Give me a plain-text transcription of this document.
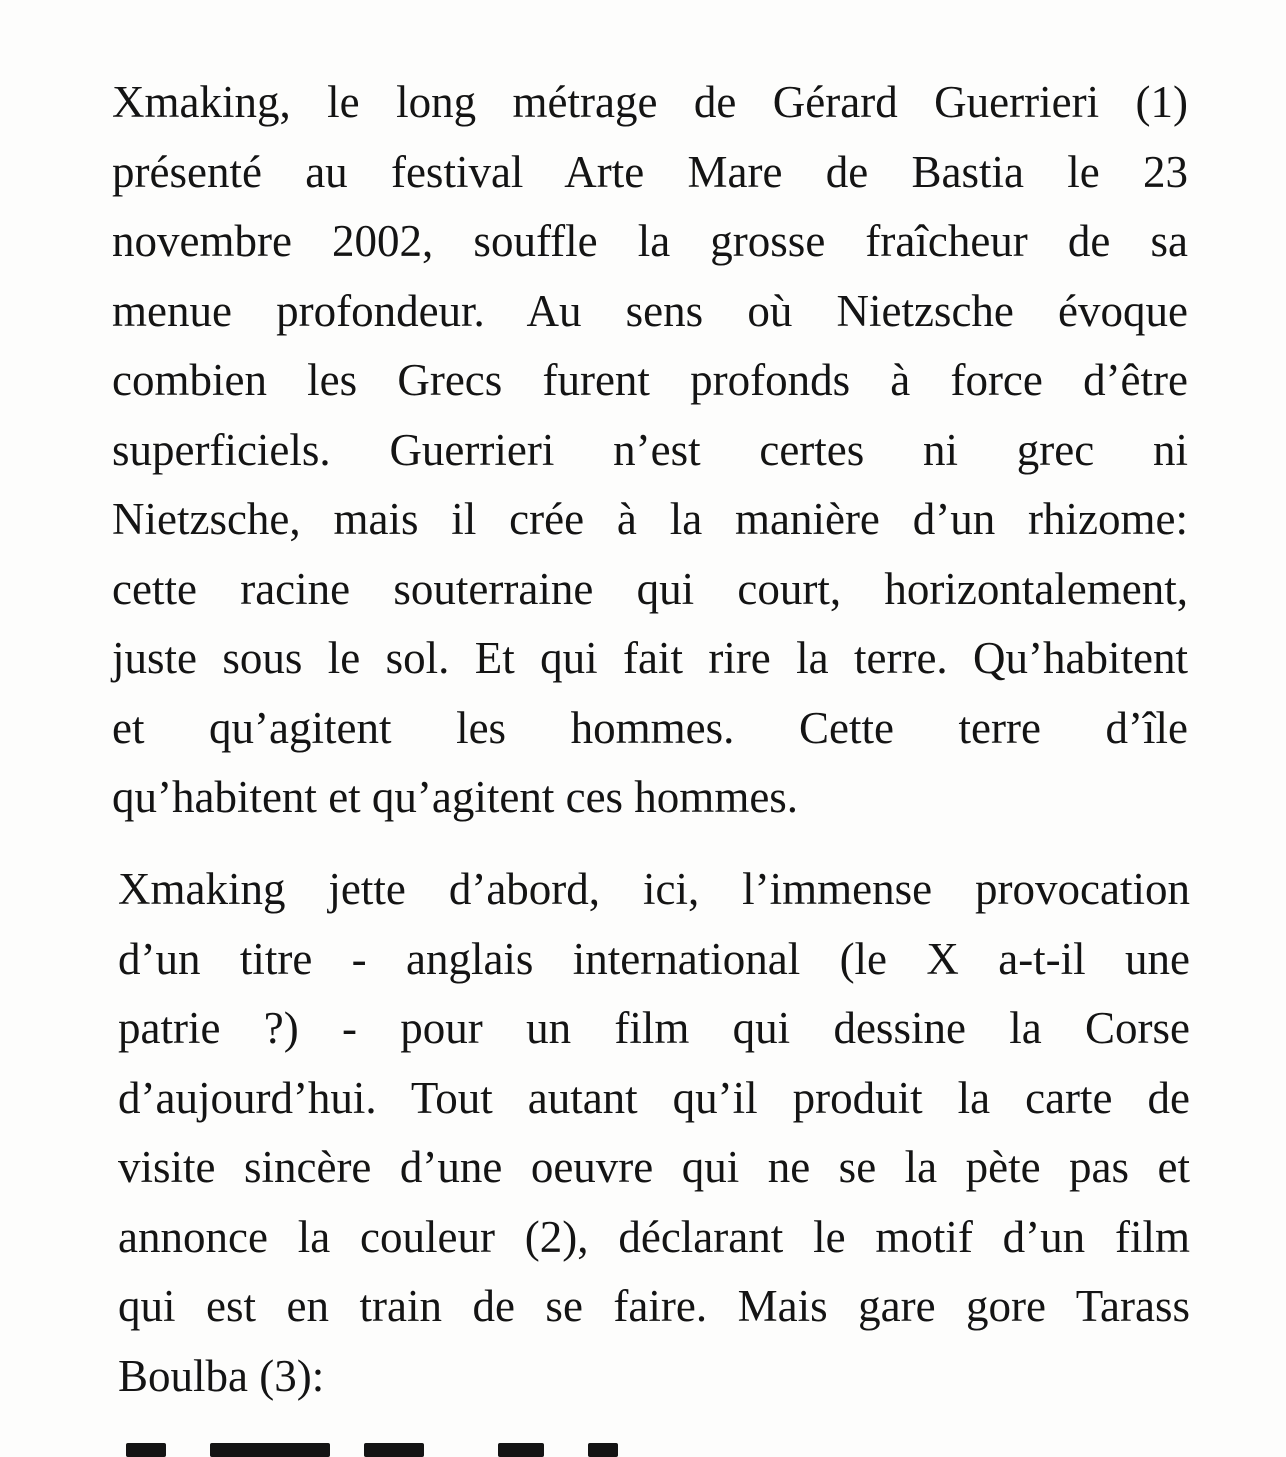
Xmaking, le long métrage de Gérard Guerrieri (1)
présenté au festival Arte Mare de Bastia le 23
novembre 2002, souffle la grosse fraîcheur de sa
menue profondeur. Au sens où Nietzsche évoque
combien les Grecs furent profonds à force d’être
superficiels. Guerrieri n’est certes ni grec ni
Nietzsche, mais il crée à la manière d’un rhizome:
cette racine souterraine qui court, horizontalement,
juste sous le sol. Et qui fait rire la terre. Qu’habitent
et qu’agitent les hommes. Cette terre d’île
qu’habitent et qu’agitent ces hommes.
Xmaking jette d’abord, ici, l’immense provocation
d’un titre - anglais international (le X a-t-il une
patrie ?) - pour un film qui dessine la Corse
d’aujourd’hui. Tout autant qu’il produit la carte de
visite sincère d’une oeuvre qui ne se la pète pas et
annonce la couleur (2), déclarant le motif d’un film
qui est en train de se faire. Mais gare gore Tarass
Boulba (3):
